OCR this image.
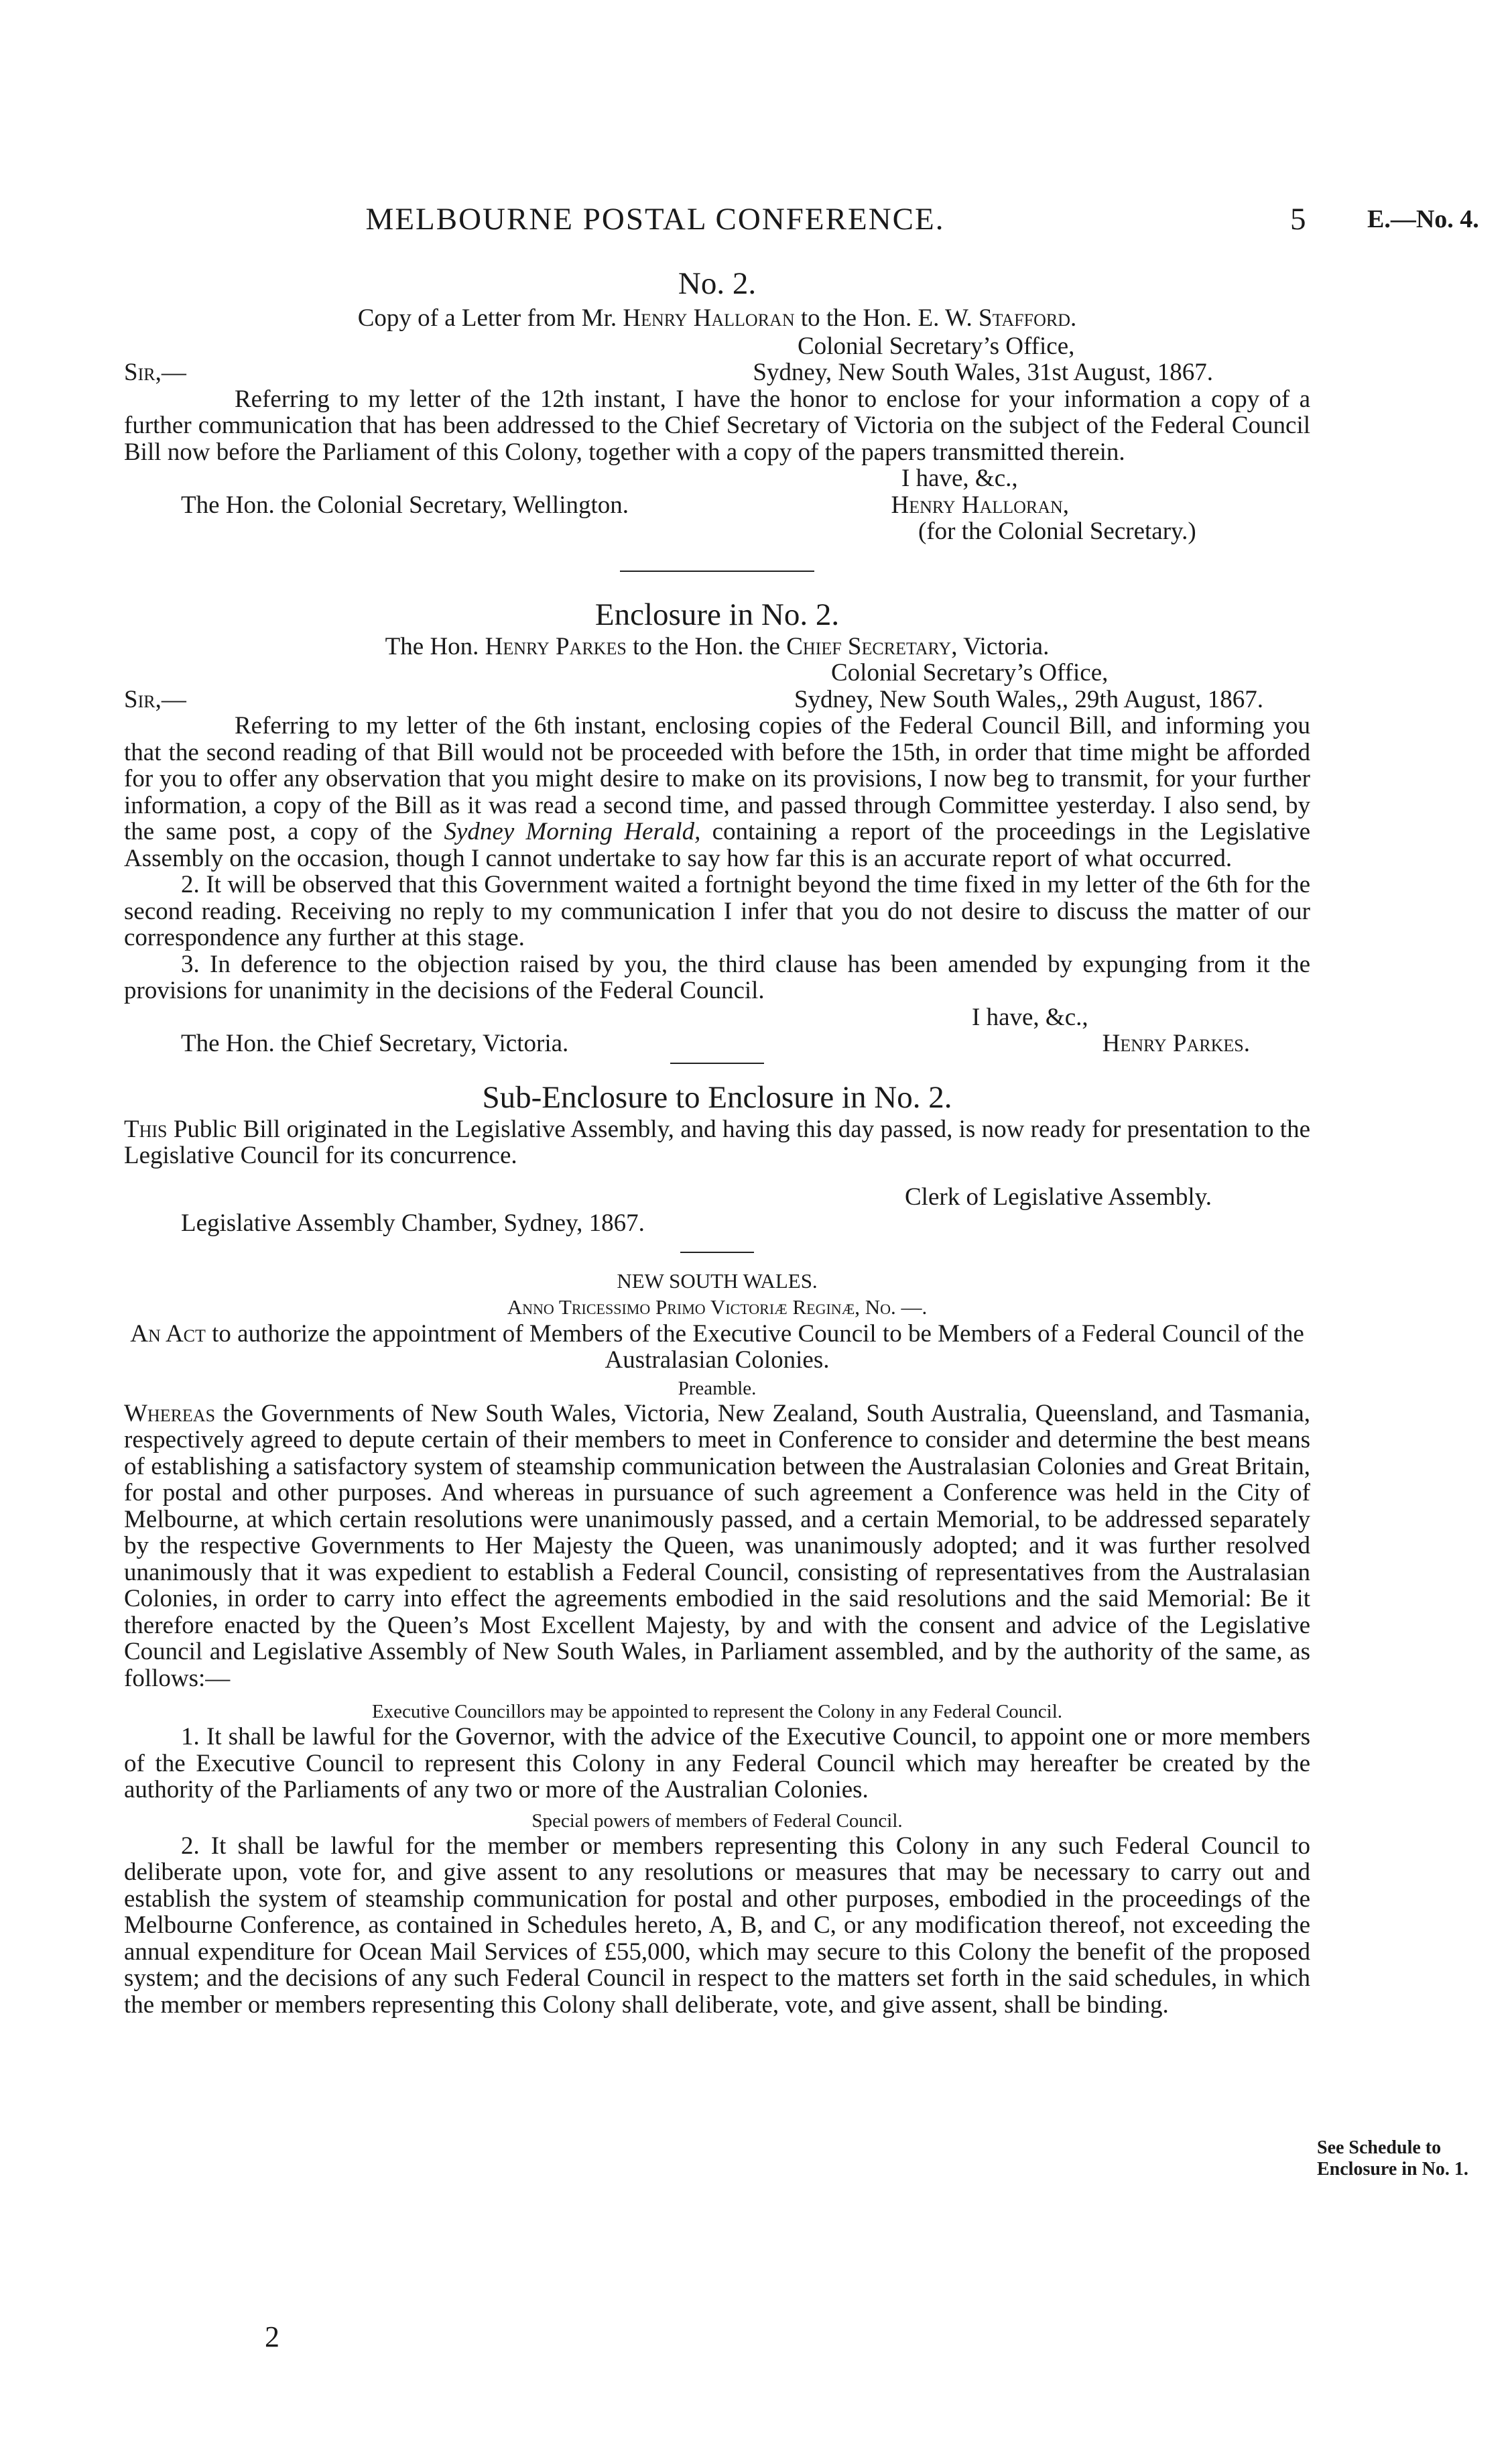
MELBOURNE POSTAL CONFERENCE.	5 E.—No. 4.
No. 2.

Copy of a Letter from Mr. Henry Halloran to the Hon. E. W. Stafford.

Colonial Secretary’s Office,

Sir,—	Sydney, New South Wales, 31st August, 1867.

Referring to my letter of the 12th instant, I have the honor to enclose for your information a copy of a further communication that has been addressed to the Chief Secretary of Victoria on the subject of the Federal Council Bill now before the Parliament of this Colony, together with a copy of the papers transmitted therein.

I have, &c.,

The Hon. the Colonial Secretary, Wellington.	Henry Halloran,

(for the Colonial Secretary.)

Enclosure in No. 2.

The Hon. Henry Parkes to the Hon. the Chief Secretary, Victoria.

Colonial Secretary’s Office,

Sir,—	Sydney, New South Wales,, 29th August, 1867.

Referring to my letter of the 6th instant, enclosing copies of the Federal Council Bill, and informing you that the second reading of that Bill would not be proceeded with before the 15th, in order that time might be afforded for you to offer any observation that you might desire to make on its provisions, I now beg to transmit, for your further information, a copy of the Bill as it was read a second time, and passed through Committee yesterday. I also send, by the same post, a copy of the Sydney Morning Herald, containing a report of the proceedings in the Legislative Assembly on the occasion, though I cannot undertake to say how far this is an accurate report of what occurred.

2. It will be observed that this Government waited a fortnight beyond the time fixed in my letter of the 6th for the second reading. Receiving no reply to my communication I infer that you do not desire to discuss the matter of our correspondence any further at this stage.

3. In deference to the objection raised by you, the third clause has been amended by expunging from it the provisions for unanimity in the decisions of the Federal Council.

I have, &c.,

The Hon. the Chief Secretary, Victoria.	Henry Parkes.
Sub-Enclosure to Enclosure in No. 2.

This Public Bill originated in the Legislative Assembly, and having this day passed, is now ready for presentation to the Legislative Council for its concurrence.

Clerk of Legislative Assembly.

Legislative Assembly Chamber, Sydney, 1867.

NEW SOUTH WALES.

Anno Tricessimo Primo Victoriæ Reginæ, No. —.

An Act to authorize the appointment of Members of the Executive Council to be Members of a Federal Council of the Australasian Colonies.

Preamble.

Whereas the Governments of New South Wales, Victoria, New Zealand, South Australia, Queensland, and Tasmania, respectively agreed to depute certain of their members to meet in Conference to consider and determine the best means of establishing a satisfactory system of steamship communication between the Australasian Colonies and Great Britain, for postal and other purposes. And whereas in pursuance of such agreement a Conference was held in the City of Melbourne, at which certain resolutions were unanimously passed, and a certain Memorial, to be addressed separately by the respective Governments to Her Majesty the Queen, was unanimously adopted; and it was further resolved unanimously that it was expedient to establish a Federal Council, consisting of representatives from the Australasian Colonies, in order to carry into effect the agreements embodied in the said resolutions and the said Memorial: Be it therefore enacted by the Queen’s Most Excellent Majesty, by and with the consent and advice of the Legislative Council and Legislative Assembly of New South Wales, in Parliament assembled, and by the authority of the same, as follows:—

Executive Councillors may be appointed to represent the Colony in any Federal Council.

1. It shall be lawful for the Governor, with the advice of the Executive Council, to appoint one or more members of the Executive Council to represent this Colony in any Federal Council which may hereafter be created by the authority of the Parliaments of any two or more of the Australian Colonies.

Special powers of members of Federal Council.

2. It shall be lawful for the member or members representing this Colony in any such Federal Council to deliberate upon, vote for, and give assent to any resolutions or measures that may be necessary to carry out and establish the system of steamship communication for postal and other purposes, embodied in the proceedings of the Melbourne Conference, as contained in Schedules hereto, A, B, and C, or any modification thereof, not exceeding the annual expenditure for Ocean Mail Services of £55,000, which may secure to this Colony the benefit of the proposed system; and the decisions of any such Federal Council in respect to the matters set forth in the said schedules, in which the member or members representing this Colony shall deliberate, vote, and give assent, shall be binding.

See Schedule to Enclosure in No. 1.
2
